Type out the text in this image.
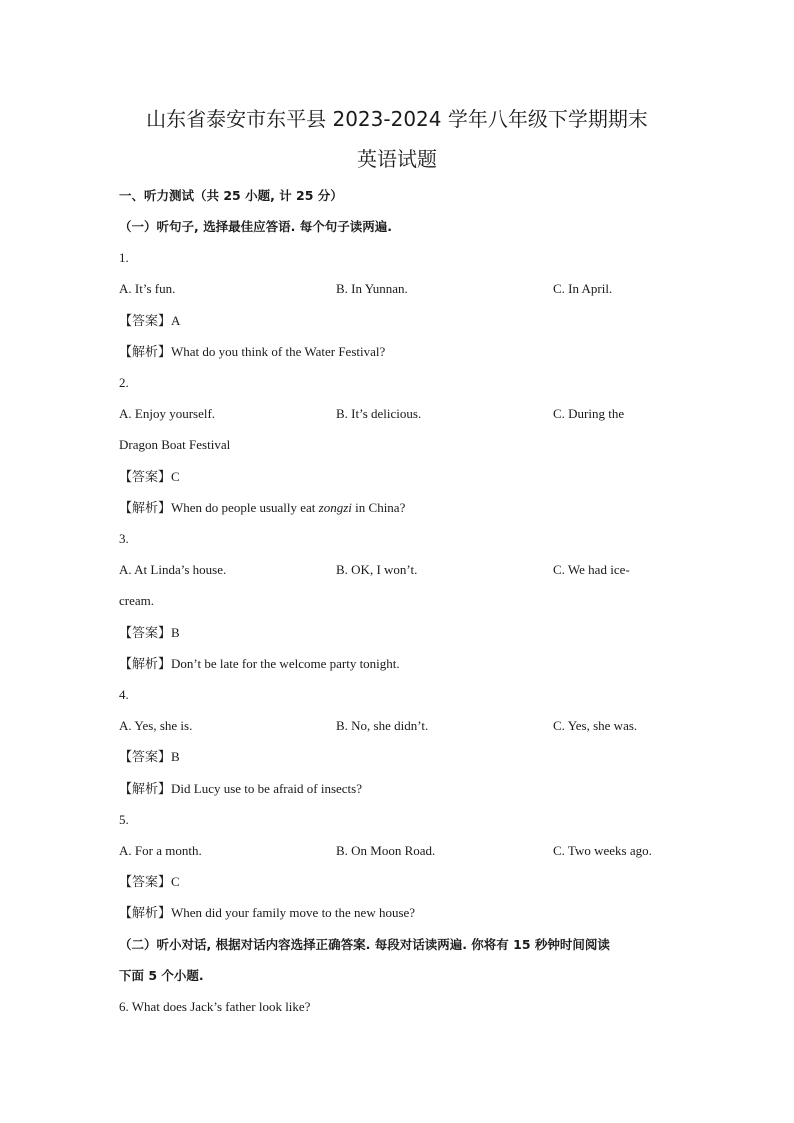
山东省泰安市东平县 2023-2024 学年八年级下学期期末
英语试题
一、听力测试（共 25 小题, 计 25 分）
（一）听句子, 选择最佳应答语. 每个句子读两遍.
1.
A. It’s fun.	B. In Yunnan.	C. In April.
【答案】A
【解析】What do you think of the Water Festival?
2.
A. Enjoy yourself.	B. It’s delicious.	C. During the
Dragon Boat Festival
【答案】C
【解析】When do people usually eat zongzi in China?
3.
A. At Linda’s house.	B. OK, I won’t.	C. We had ice-
cream.
【答案】B
【解析】Don’t be late for the welcome party tonight.
4.
A. Yes, she is.	B. No, she didn’t.	C. Yes, she was.
【答案】B
【解析】Did Lucy use to be afraid of insects?
5.
A. For a month.	B. On Moon Road.	C. Two weeks ago.
【答案】C
【解析】When did your family move to the new house?
（二）听小对话, 根据对话内容选择正确答案. 每段对话读两遍. 你将有 15 秒钟时间阅读
下面 5 个小题.
6. What does Jack’s father look like?
